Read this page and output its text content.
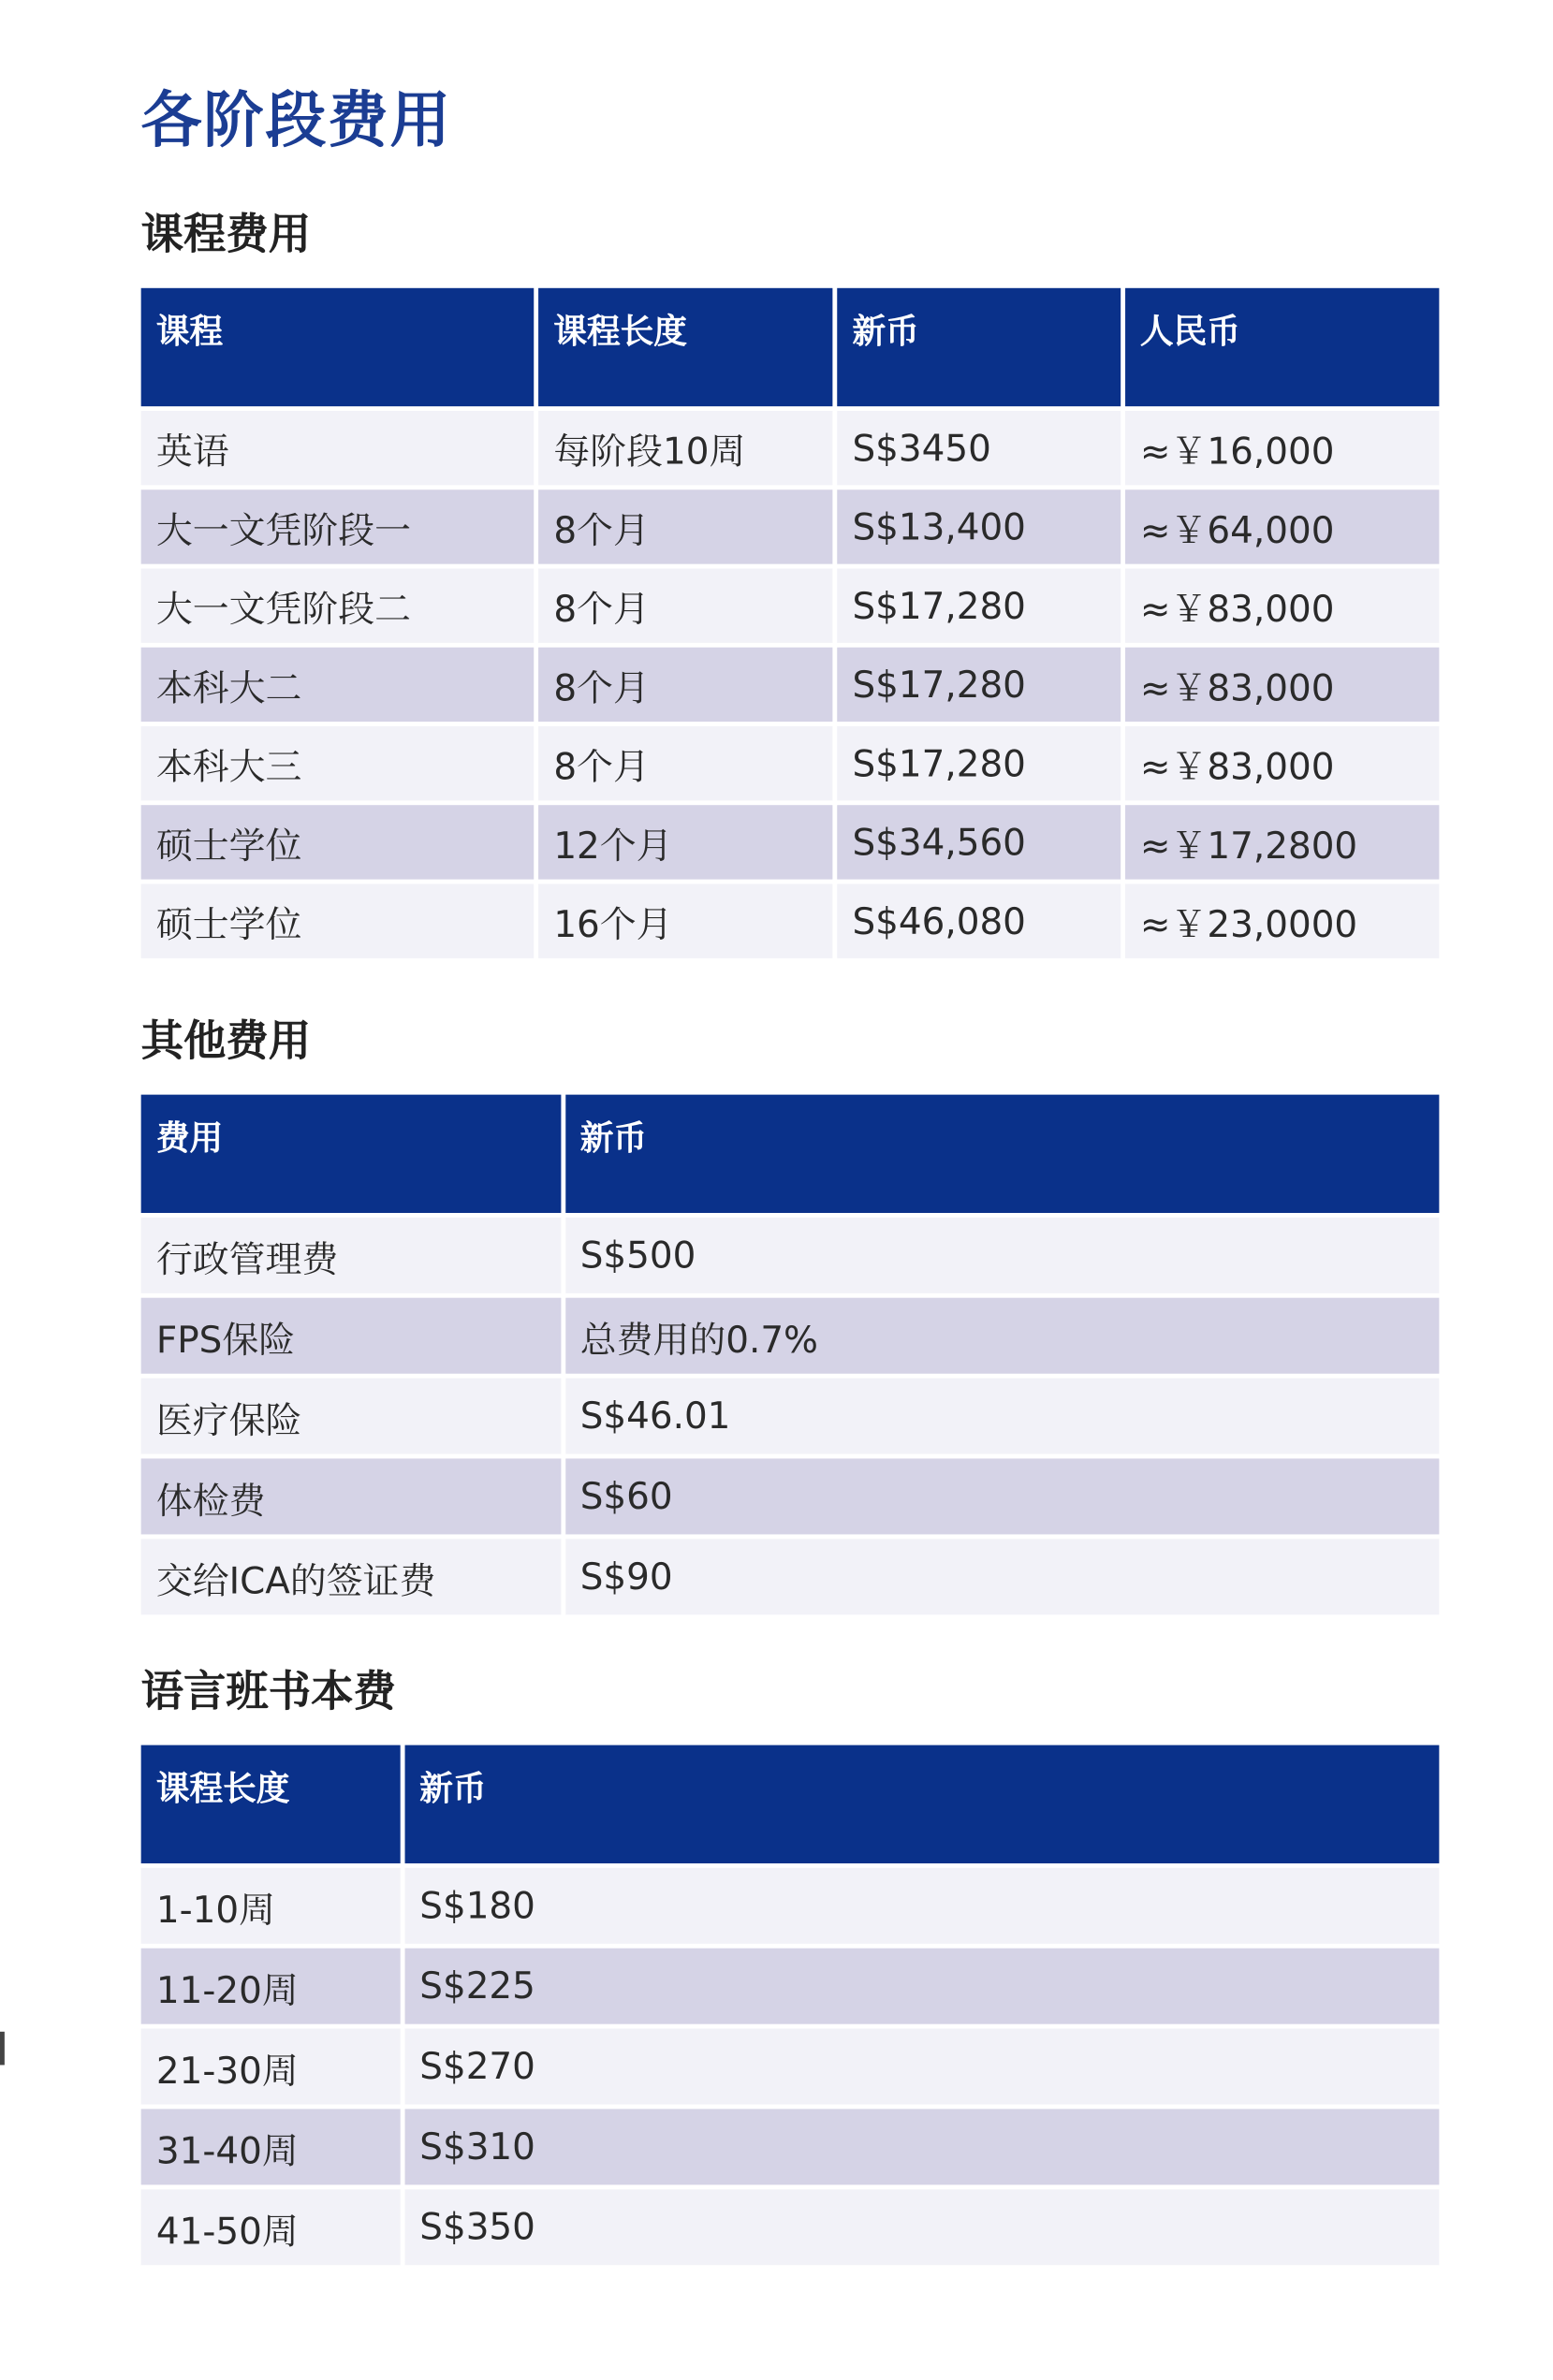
各阶段费用
课程费用
课程	课程长度	新币	人民币
英语	每阶段10周	S$3450	≈￥16,000
大一文凭阶段一	8个月	S$13,400	≈￥64,000
大一文凭阶段二	8个月	S$17,280	≈￥83,000
本科大二	8个月	S$17,280	≈￥83,000
本科大三	8个月	S$17,280	≈￥83,000
硕士学位	12个月	S$34,560	≈￥17,2800
硕士学位	16个月	S$46,080	≈￥23,0000
其他费用
费用	新币
行政管理费	S$500
FPS保险	总费用的0.7%
医疗保险	S$46.01
体检费	S$60
交给ICA的签证费	S$90
语言班书本费
课程长度	新币
1-10周	S$180
11-20周	S$225
21-30周	S$270
31-40周	S$310
41-50周	S$350
